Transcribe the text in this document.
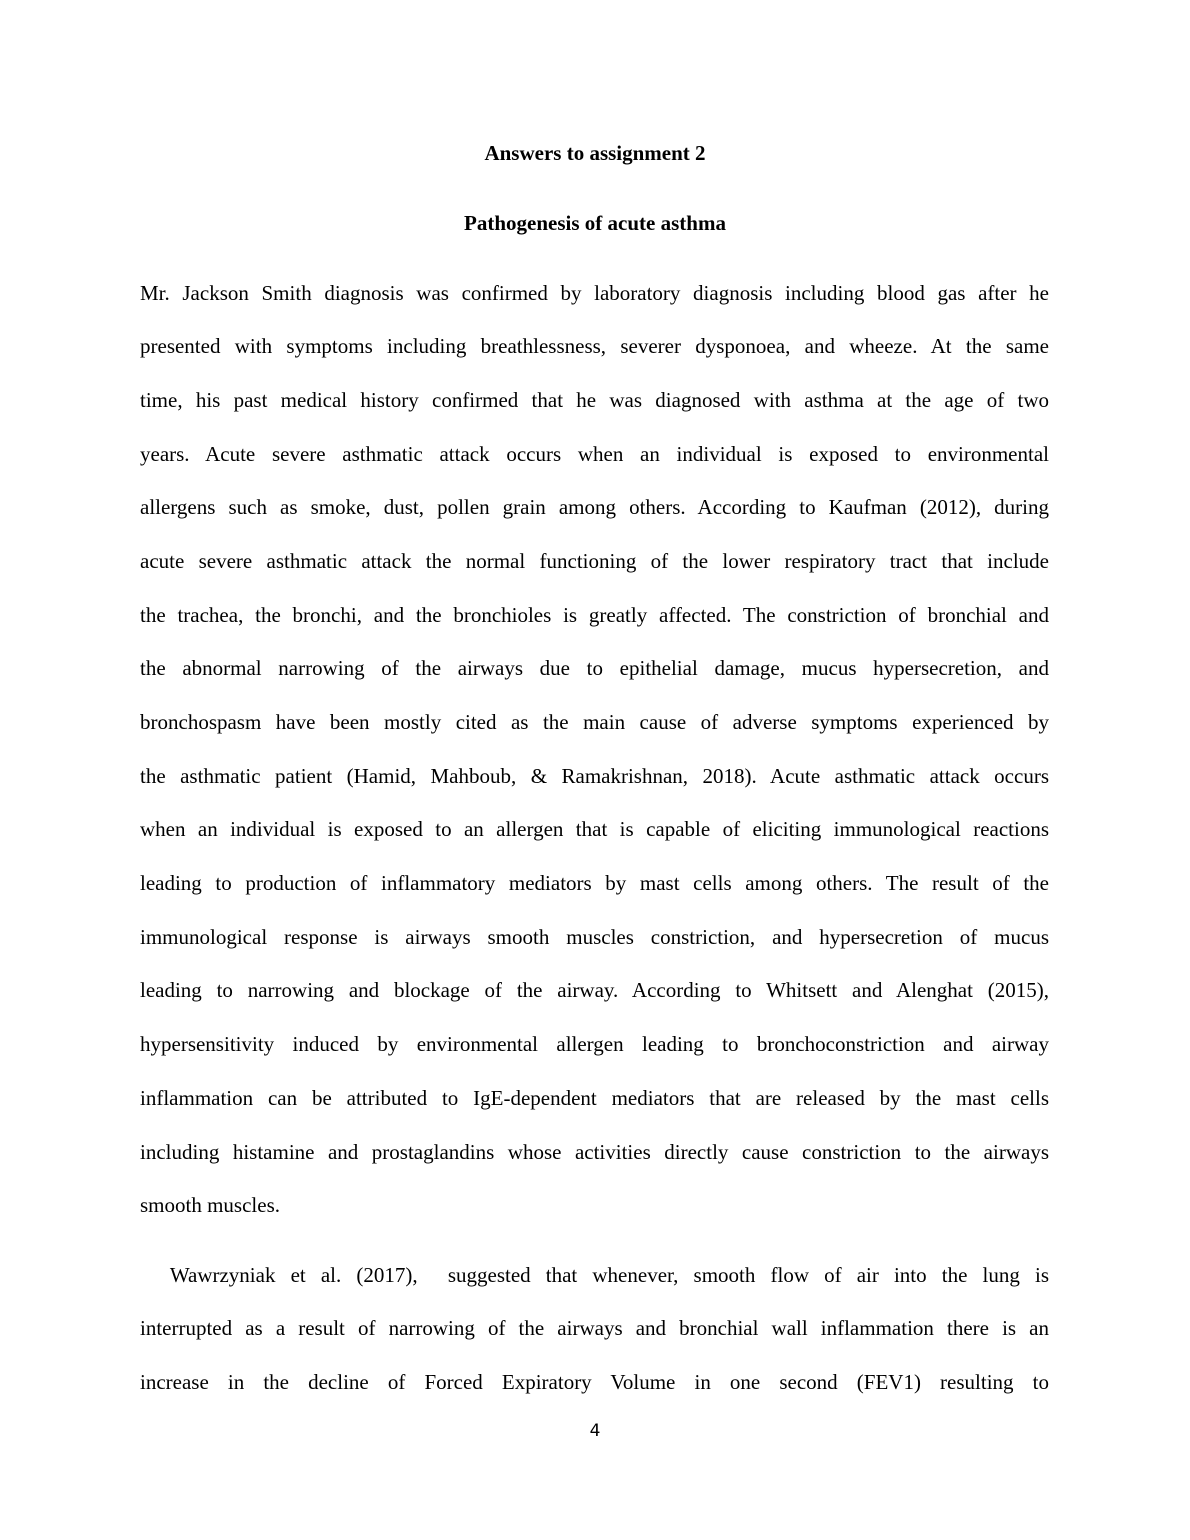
Answers to assignment 2
Pathogenesis of acute asthma
Mr. Jackson Smith diagnosis was confirmed by laboratory diagnosis including blood gas after he
presented with symptoms including breathlessness, severer dysponoea, and wheeze. At the same
time, his past medical history confirmed that he was diagnosed with asthma at the age of two
years. Acute severe asthmatic attack occurs when an individual is exposed to environmental
allergens such as smoke, dust, pollen grain among others. According to Kaufman (2012), during
acute severe asthmatic attack the normal functioning of the lower respiratory tract that include
the trachea, the bronchi, and the bronchioles is greatly affected. The constriction of bronchial and
the abnormal narrowing of the airways due to epithelial damage, mucus hypersecretion, and
bronchospasm have been mostly cited as the main cause of adverse symptoms experienced by
the asthmatic patient (Hamid, Mahboub, & Ramakrishnan, 2018). Acute asthmatic attack occurs
when an individual is exposed to an allergen that is capable of eliciting immunological reactions
leading to production of inflammatory mediators by mast cells among others. The result of the
immunological response is airways smooth muscles constriction, and hypersecretion of mucus
leading to narrowing and blockage of the airway. According to Whitsett and Alenghat (2015),
hypersensitivity induced by environmental allergen leading to bronchoconstriction and airway
inflammation can be attributed to IgE-dependent mediators that are released by the mast cells
including histamine and prostaglandins whose activities directly cause constriction to the airways
smooth muscles.
Wawrzyniak et al. (2017),  suggested that whenever, smooth flow of air into the lung is
interrupted as a result of narrowing of the airways and bronchial wall inflammation there is an
increase in the decline of Forced Expiratory Volume in one second (FEV1) resulting to
4
